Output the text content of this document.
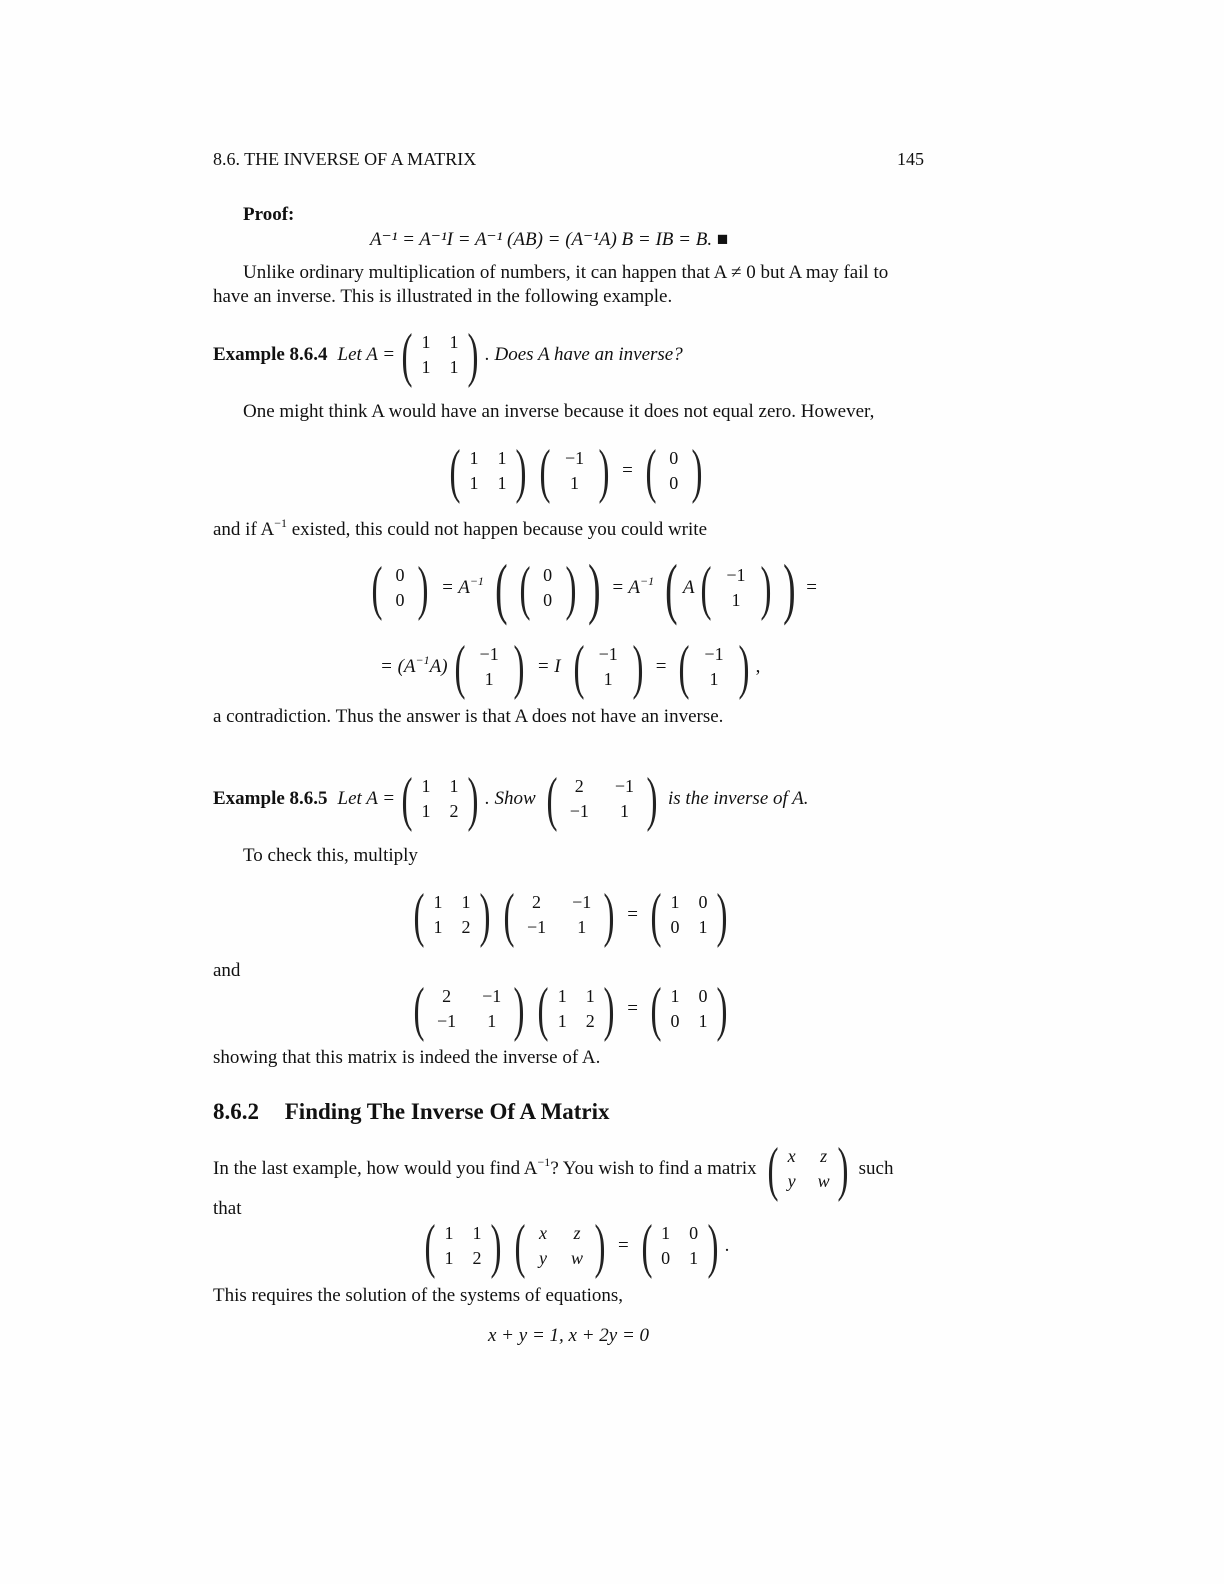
8.6. THE INVERSE OF A MATRIX	145
Proof:
A⁻¹ = A⁻¹I = A⁻¹ (AB) = (A⁻¹A) B = IB = B. ■
Unlike ordinary multiplication of numbers, it can happen that A ≠ 0 but A may fail to
have an inverse. This is illustrated in the following example.
Example 8.6.4 Let A = ( 1 1
1 1 ) . Does A have an inverse?
One might think A would have an inverse because it does not equal zero. However,
( 1 1
1 1 ) ( −1
1 ) = ( 0
0 )
and if $A^{-1}$ existed, this could not happen because you could write
( 0
0 ) = $A^{-1}$ ( ( 0
0 ) ) = $A^{-1}$ ( A ( −1
1 ) ) =
= $(A^{-1}A)$ ( −1
1 ) = I ( −1
1 ) = ( −1
1 ) ,
a contradiction. Thus the answer is that A does not have an inverse.
Example 8.6.5 Let A = ( 1 1
1 2 ) . Show ( 2 −1
−1 1 ) is the inverse of A.
To check this, multiply
( 1 1
1 2 ) ( 2 −1
−1 1 ) = ( 1 0
0 1 )
and
( 2 −1
−1 1 ) ( 1 1
1 2 ) = ( 1 0
0 1 )
showing that this matrix is indeed the inverse of A.
8.6.2 Finding The Inverse Of A Matrix
In the last example, how would you find $A^{-1}$? You wish to find a matrix ( x z
y w ) such
that
( 1 1
1 2 ) ( x z
y w ) = ( 1 0
0 1 ) .
This requires the solution of the systems of equations,
x + y = 1, x + 2y = 0
